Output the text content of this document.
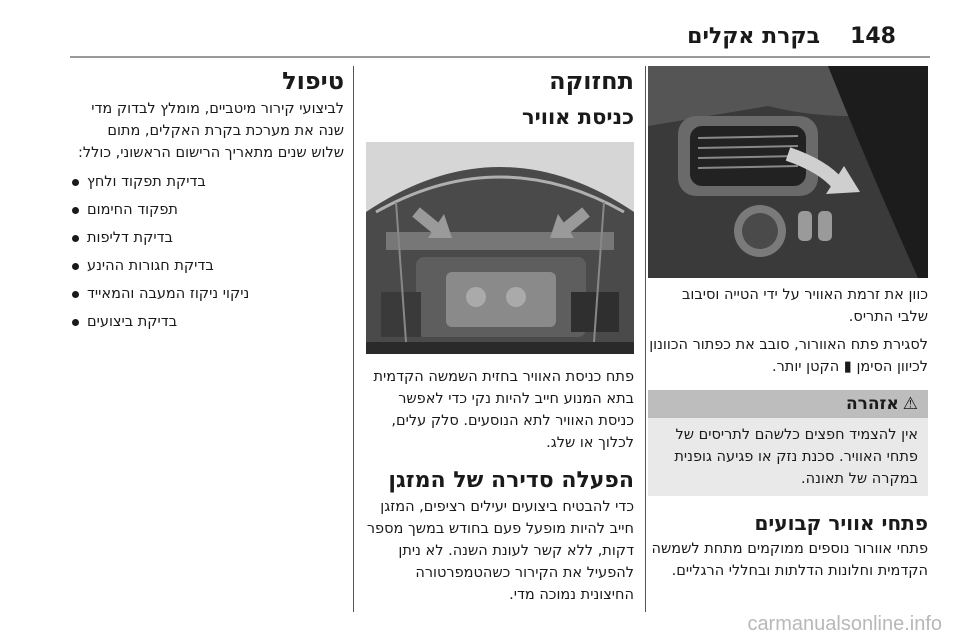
בקרת אקלים 148

כוון את זרמת האוויר על ידי הטייה וסיבוב שלבי התריס.

לסגירת פתח האוורור, סובב את כפתור הכוונון לכיוון הסימן ▮ הקטן יותר.

⚠
אזהרה
אין להצמיד חפצים כלשהם לתריסים של פתחי האוויר. סכנת נזק או פגיעה גופנית במקרה של תאונה.
פתחי אוויר קבועים

פתחי אוורור נוספים ממוקמים מתחת לשמשה הקדמית וחלונות הדלתות ובחללי הרגליים.

תחזוקה
כניסת אוויר

פתח כניסת האוויר בחזית השמשה הקדמית בתא המנוע חייב להיות נקי כדי לאפשר כניסת האוויר לתא הנוסעים. סלק עלים, לכלוך או שלג.

הפעלה סדירה של המזגן

כדי להבטיח ביצועים יעילים רציפים, המזגן חייב להיות מופעל פעם בחודש במשך מספר דקות, ללא קשר לעונת השנה. לא ניתן להפעיל את הקירור כשהטמפרטורה החיצונית נמוכה מדי.

טיפול

לביצועי קירור מיטביים, מומלץ לבדוק מדי שנה את מערכת בקרת האקלים, מתום שלוש שנים מתאריך הרישום הראשוני, כולל:

בדיקת תפקוד ולחץ
תפקוד החימום
בדיקת דליפות
בדיקת חגורות ההינע
ניקוי ניקוז המעבה והמאייד
בדיקת ביצועים
carmanualsonline.info
